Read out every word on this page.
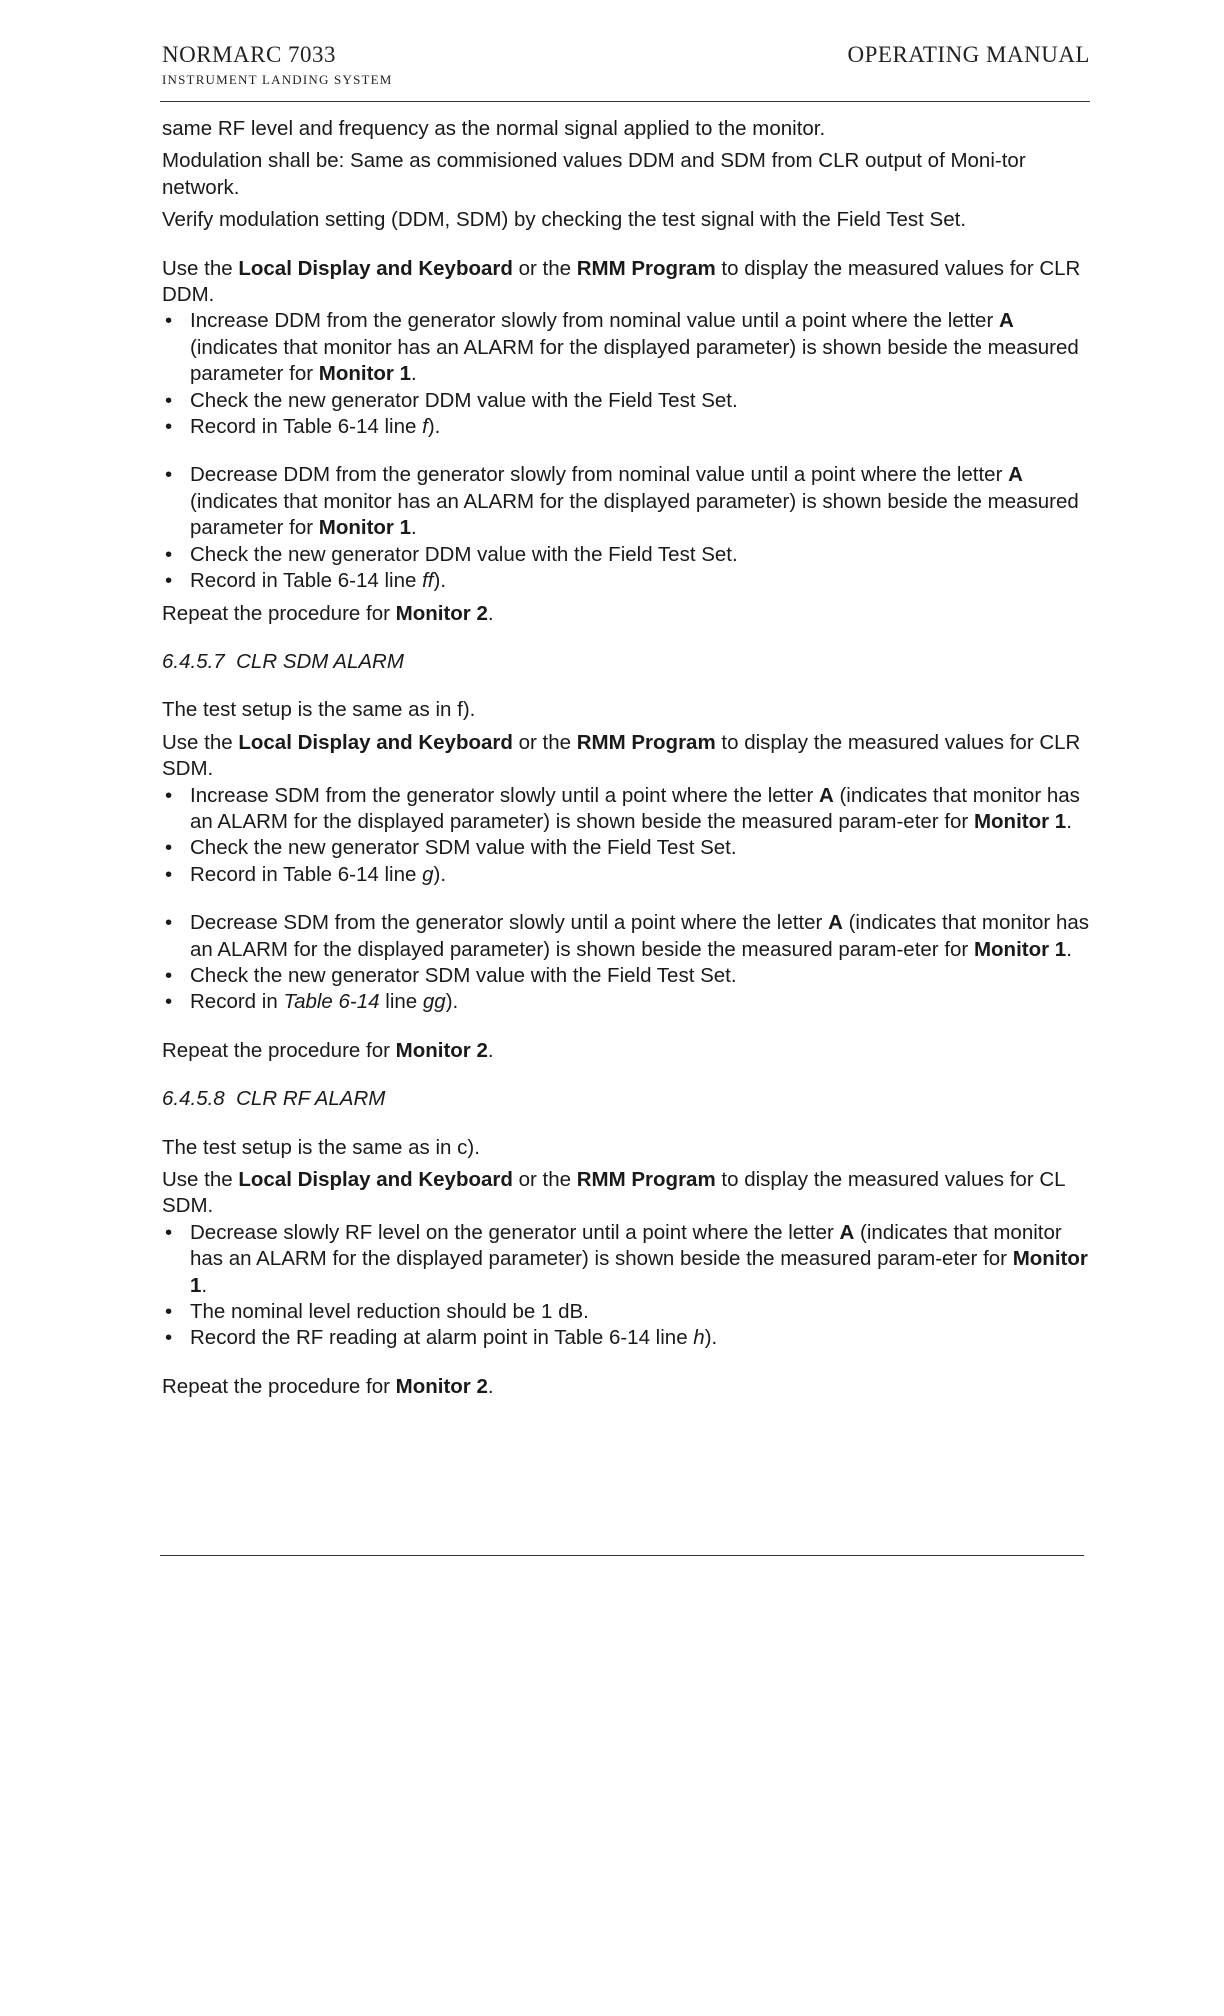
NORMARC 7033
INSTRUMENT LANDING SYSTEM
OPERATING MANUAL

same RF level and frequency as the normal signal applied to the monitor.

Modulation shall be: Same as commisioned values DDM and SDM from CLR output of Moni-tor network.

Verify modulation setting (DDM, SDM) by checking the test signal with the Field Test Set.

Use the Local Display and Keyboard or the RMM Program to display the measured values for CLR DDM.

• Increase DDM from the generator slowly from nominal value until a point where the letter A (indicates that monitor has an ALARM for the displayed parameter) is shown beside the measured parameter for Monitor 1.
• Check the new generator DDM value with the Field Test Set.
• Record in Table 6-14 line f).
• Decrease DDM from the generator slowly from nominal value until a point where the letter A (indicates that monitor has an ALARM for the displayed parameter) is shown beside the measured parameter for Monitor 1.
• Check the new generator DDM value with the Field Test Set.
• Record in Table 6-14 line ff).

Repeat the procedure for Monitor 2.

6.4.5.7 CLR SDM ALARM

The test setup is the same as in f).

Use the Local Display and Keyboard or the RMM Program to display the measured values for CLR SDM.

• Increase SDM from the generator slowly until a point where the letter A (indicates that monitor has an ALARM for the displayed parameter) is shown beside the measured param-eter for Monitor 1.
• Check the new generator SDM value with the Field Test Set.
• Record in Table 6-14 line g).
• Decrease SDM from the generator slowly until a point where the letter A (indicates that monitor has an ALARM for the displayed parameter) is shown beside the measured param-eter for Monitor 1.
• Check the new generator SDM value with the Field Test Set.
• Record in Table 6-14 line gg).

Repeat the procedure for Monitor 2.

6.4.5.8 CLR RF ALARM

The test setup is the same as in c).

Use the Local Display and Keyboard or the RMM Program to display the measured values for CL SDM.

• Decrease slowly RF level on the generator until a point where the letter A (indicates that monitor has an ALARM for the displayed parameter) is shown beside the measured param-eter for Monitor 1.
• The nominal level reduction should be 1 dB.
• Record the RF reading at alarm point in Table 6-14 line h).

Repeat the procedure for Monitor 2.
